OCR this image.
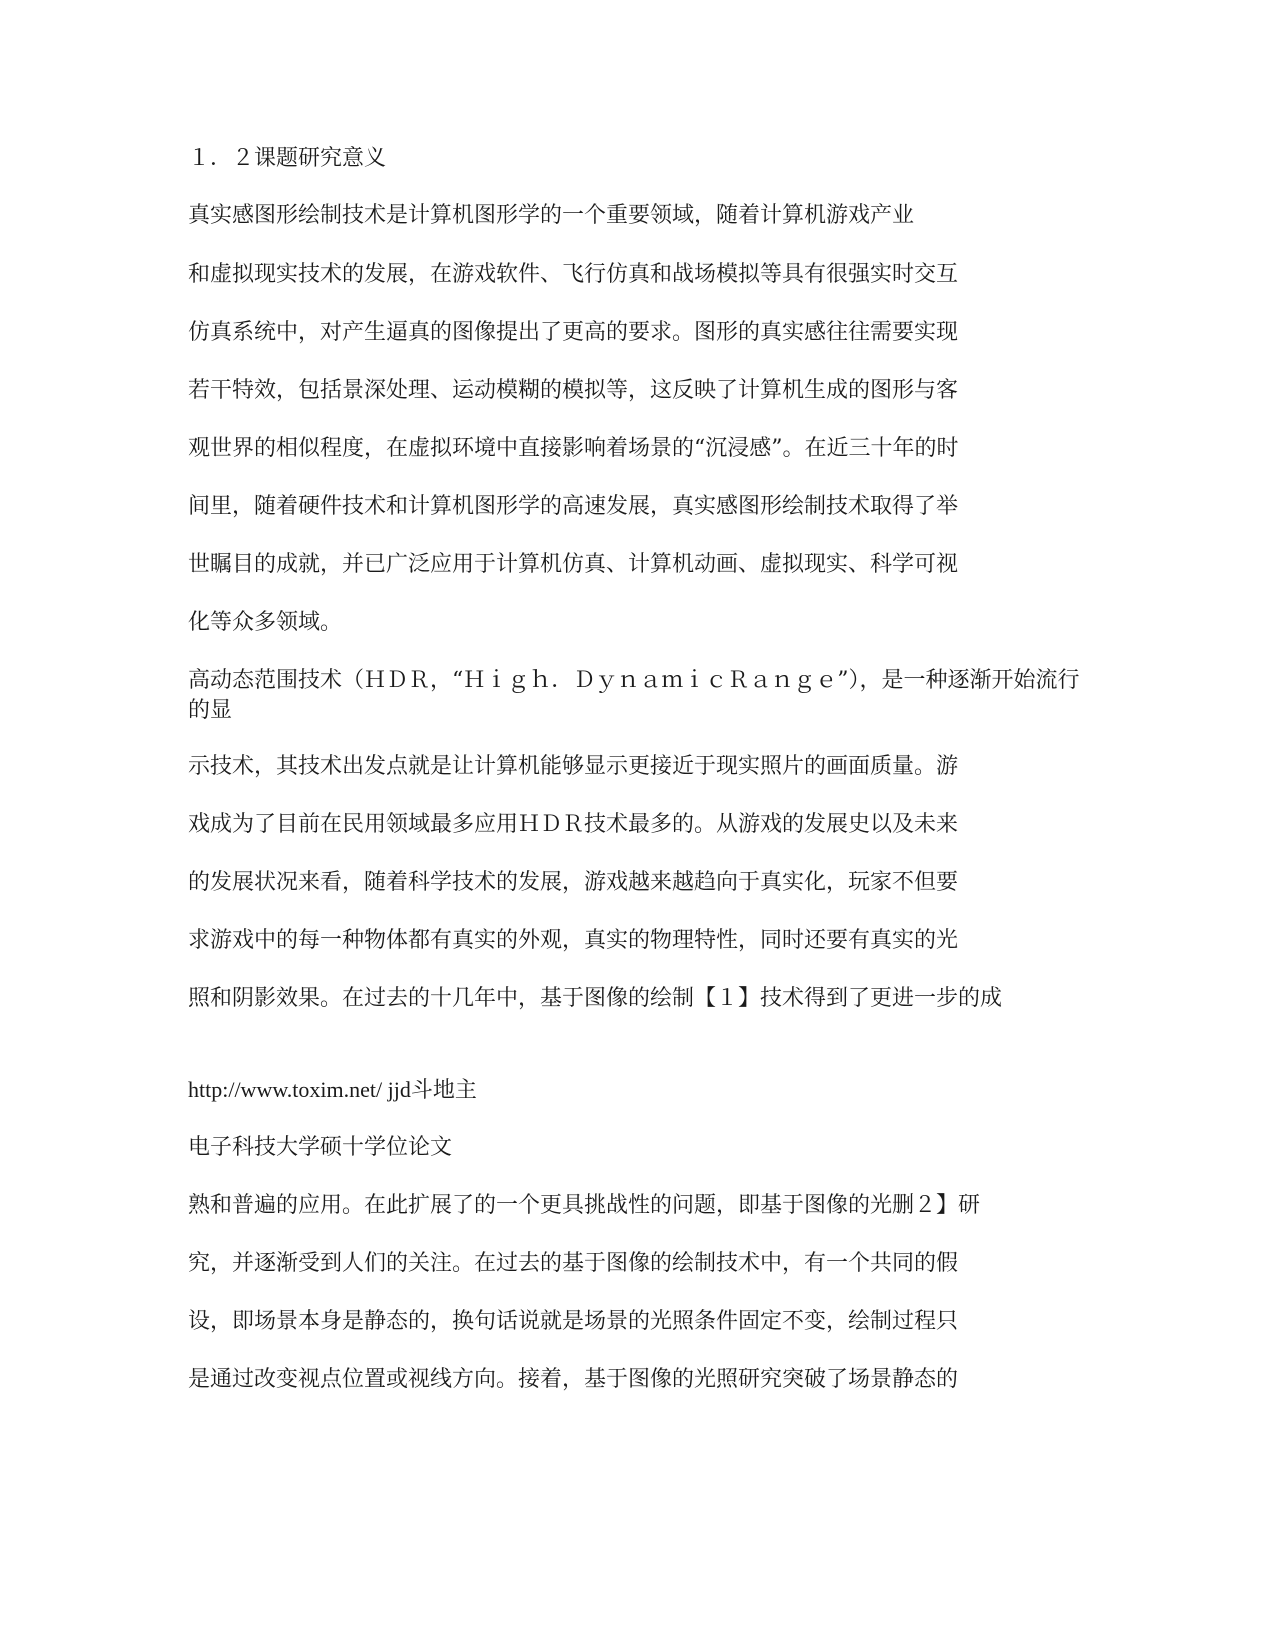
１．２课题研究意义

真实感图形绘制技术是计算机图形学的一个重要领域，随着计算机游戏产业

和虚拟现实技术的发展，在游戏软件、飞行仿真和战场模拟等具有很强实时交互

仿真系统中，对产生逼真的图像提出了更高的要求。图形的真实感往往需要实现

若干特效，包括景深处理、运动模糊的模拟等，这反映了计算机生成的图形与客

观世界的相似程度，在虚拟环境中直接影响着场景的“沉浸感”。在近三十年的时

间里，随着硬件技术和计算机图形学的高速发展，真实感图形绘制技术取得了举

世瞩目的成就，并已广泛应用于计算机仿真、计算机动画、虚拟现实、科学可视

化等众多领域。

高动态范围技术（ＨＤＲ，“Ｈｉｇｈ．ＤｙｎａｍｉｃＲａｎｇｅ”），是一种逐渐开始流行的显

示技术，其技术出发点就是让计算机能够显示更接近于现实照片的画面质量。游

戏成为了目前在民用领域最多应用ＨＤＲ技术最多的。从游戏的发展史以及未来

的发展状况来看，随着科学技术的发展，游戏越来越趋向于真实化，玩家不但要

求游戏中的每一种物体都有真实的外观，真实的物理特性，同时还要有真实的光

照和阴影效果。在过去的十几年中，基于图像的绘制【１】技术得到了更进一步的成

http://www.toxim.net/ jjd斗地主

电子科技大学硕十学位论文

熟和普遍的应用。在此扩展了的一个更具挑战性的问题，即基于图像的光删２】研

究，并逐渐受到人们的关注。在过去的基于图像的绘制技术中，有一个共同的假

设，即场景本身是静态的，换句话说就是场景的光照条件固定不变，绘制过程只

是通过改变视点位置或视线方向。接着，基于图像的光照研究突破了场景静态的
